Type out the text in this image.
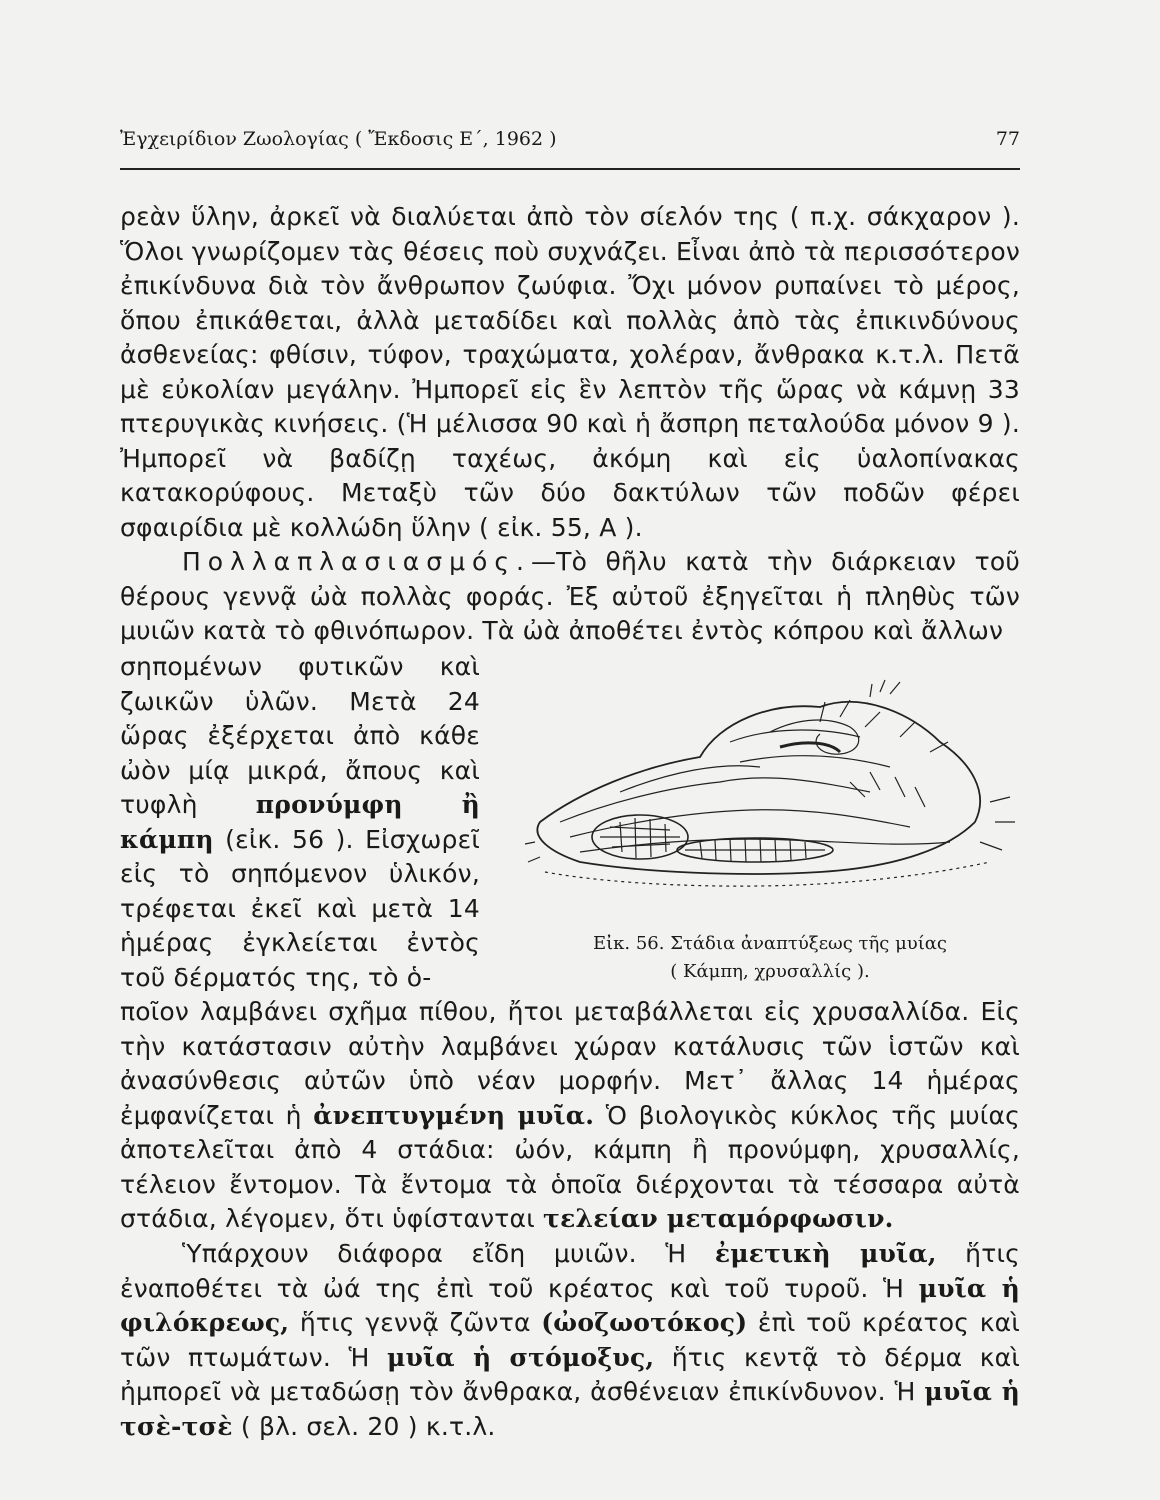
Ἐγχειρίδιον Ζωολογίας ( Ἔκδοσις Ε΄, 1962 )	77
ρεὰν ὕλην, ἀρκεῖ νὰ διαλύεται ἀπὸ τὸν σίελόν της ( π.χ. σάκχαρον ). Ὅλοι γνωρίζομεν τὰς θέσεις ποὺ συχνάζει. Εἶναι ἀπὸ τὰ περισσότερον ἐπικίνδυνα διὰ τὸν ἄνθρωπον ζωύφια. Ὄχι μόνον ρυπαίνει τὸ μέρος, ὅπου ἐπικάθεται, ἀλλὰ μεταδίδει καὶ πολλὰς ἀπὸ τὰς ἐπικινδύνους ἀσθενείας: φθίσιν, τύφον, τραχώματα, χολέραν, ἄνθρακα κ.τ.λ. Πετᾶ μὲ εὐκολίαν μεγάλην. Ἠμπορεῖ εἰς ἓν λεπτὸν τῆς ὥρας νὰ κάμνῃ 33 πτερυγικὰς κινήσεις. (Ἡ μέλισσα 90 καὶ ἡ ἄσπρη πεταλούδα μόνον 9 ). Ἠμπορεῖ νὰ βαδίζῃ ταχέως, ἀκόμη καὶ εἰς ὑαλοπίνακας κατακορύφους. Μεταξὺ τῶν δύο δακτύλων τῶν ποδῶν φέρει σφαιρίδια μὲ κολλώδη ὕλην ( εἰκ. 55, Α ).
Πολλαπλασιασμός.—Τὸ θῆλυ κατὰ τὴν διάρκειαν τοῦ θέρους γεννᾷ ὠὰ πολλὰς φοράς. Ἐξ αὐτοῦ ἐξηγεῖται ἡ πληθὺς τῶν μυιῶν κατὰ τὸ φθινόπωρον. Τὰ ὠὰ ἀποθέτει ἐντὸς κόπρου καὶ ἄλλων
σηπομένων φυτικῶν καὶ ζωικῶν ὑλῶν. Μετὰ 24 ὥρας ἐξέρχεται ἀπὸ κάθε ὠὸν μίᾳ μικρά, ἄπους καὶ τυφλὴ προνύμφη ἢ κάμπη (εἰκ. 56 ). Εἰσχωρεῖ εἰς τὸ σηπόμενον ὑλικόν, τρέφεται ἐκεῖ καὶ μετὰ 14 ἡμέρας ἐγκλείεται ἐντὸς τοῦ δέρματός της, τὸ ὁ-
Εἰκ. 56. Στάδια ἀναπτύξεως τῆς μυίας
( Κάμπη, χρυσαλλίς ).
ποῖον λαμβάνει σχῆμα πίθου, ἤτοι μεταβάλλεται εἰς χρυσαλλίδα. Εἰς τὴν κατάστασιν αὐτὴν λαμβάνει χώραν κατάλυσις τῶν ἱστῶν καὶ ἀνασύνθεσις αὐτῶν ὑπὸ νέαν μορφήν. Μετ᾽ ἄλλας 14 ἡμέρας ἐμφανίζεται ἡ ἀνεπτυγμένη μυῖα. Ὁ βιολογικὸς κύκλος τῆς μυίας ἀποτελεῖται ἀπὸ 4 στάδια: ὠόν, κάμπη ἢ προνύμφη, χρυσαλλίς, τέλειον ἔντομον. Τὰ ἔντομα τὰ ὁποῖα διέρχονται τὰ τέσσαρα αὐτὰ στάδια, λέγομεν, ὅτι ὑφίστανται τελείαν μεταμόρφωσιν.
Ὑπάρχουν διάφορα εἴδη μυιῶν. Ἡ ἐμετικὴ μυῖα, ἥτις ἐναποθέτει τὰ ὠά της ἐπὶ τοῦ κρέατος καὶ τοῦ τυροῦ. Ἡ μυῖα ἡ φιλόκρεως, ἥτις γεννᾷ ζῶντα (ὠοζωοτόκος) ἐπὶ τοῦ κρέατος καὶ τῶν πτωμάτων. Ἡ μυῖα ἡ στόμοξυς, ἥτις κεντᾷ τὸ δέρμα καὶ ἠμπορεῖ νὰ μεταδώσῃ τὸν ἄνθρακα, ἀσθένειαν ἐπικίνδυνον. Ἡ μυῖα ἡ τσὲ-τσὲ ( βλ. σελ. 20 ) κ.τ.λ.
